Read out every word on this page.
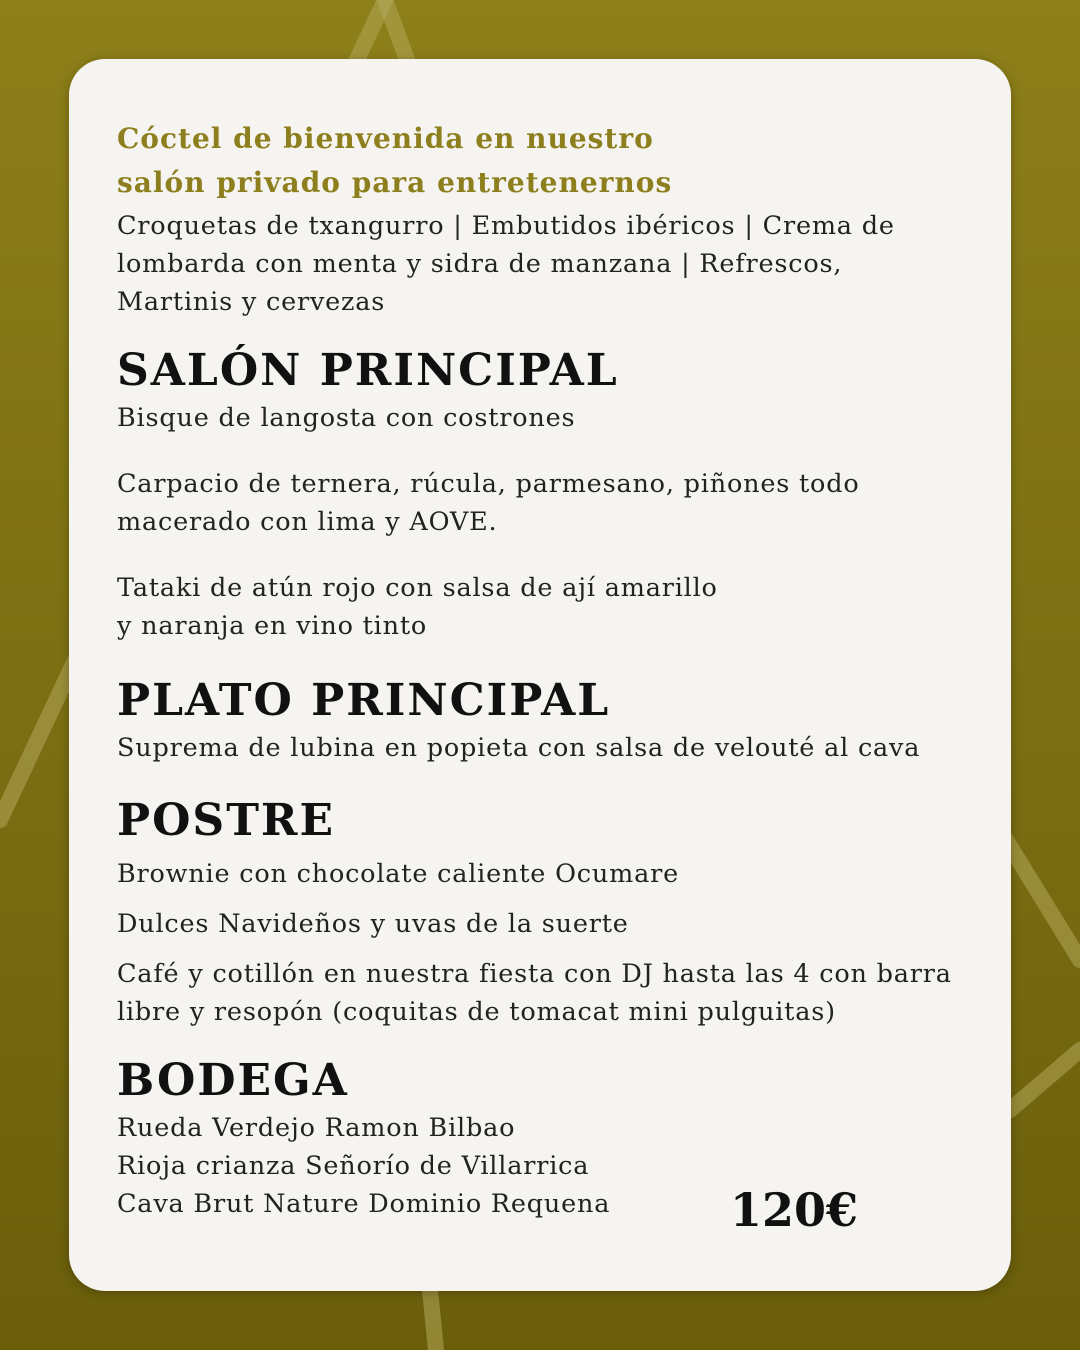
Cóctel de bienvenida en nuestro

salón privado para entretenernos

Croquetas de txangurro | Embutidos ibéricos | Crema de
lombarda con menta y sidra de manzana | Refrescos,
Martinis y cervezas
SALÓN PRINCIPAL

Bisque de langosta con costrones

Carpacio de ternera, rúcula, parmesano, piñones todo

macerado con lima y AOVE.

Tataki de atún rojo con salsa de ají amarillo

y naranja en vino tinto

PLATO PRINCIPAL

Suprema de lubina en popieta con salsa de velouté al cava

POSTRE

Brownie con chocolate caliente Ocumare

Dulces Navideños y uvas de la suerte

Café y cotillón en nuestra fiesta con DJ hasta las 4 con barra

libre y resopón (coquitas de tomacat mini pulguitas)

BODEGA

Rueda Verdejo Ramon Bilbao

Rioja crianza Señorío de Villarrica

Cava Brut Nature Dominio Requena	120€
